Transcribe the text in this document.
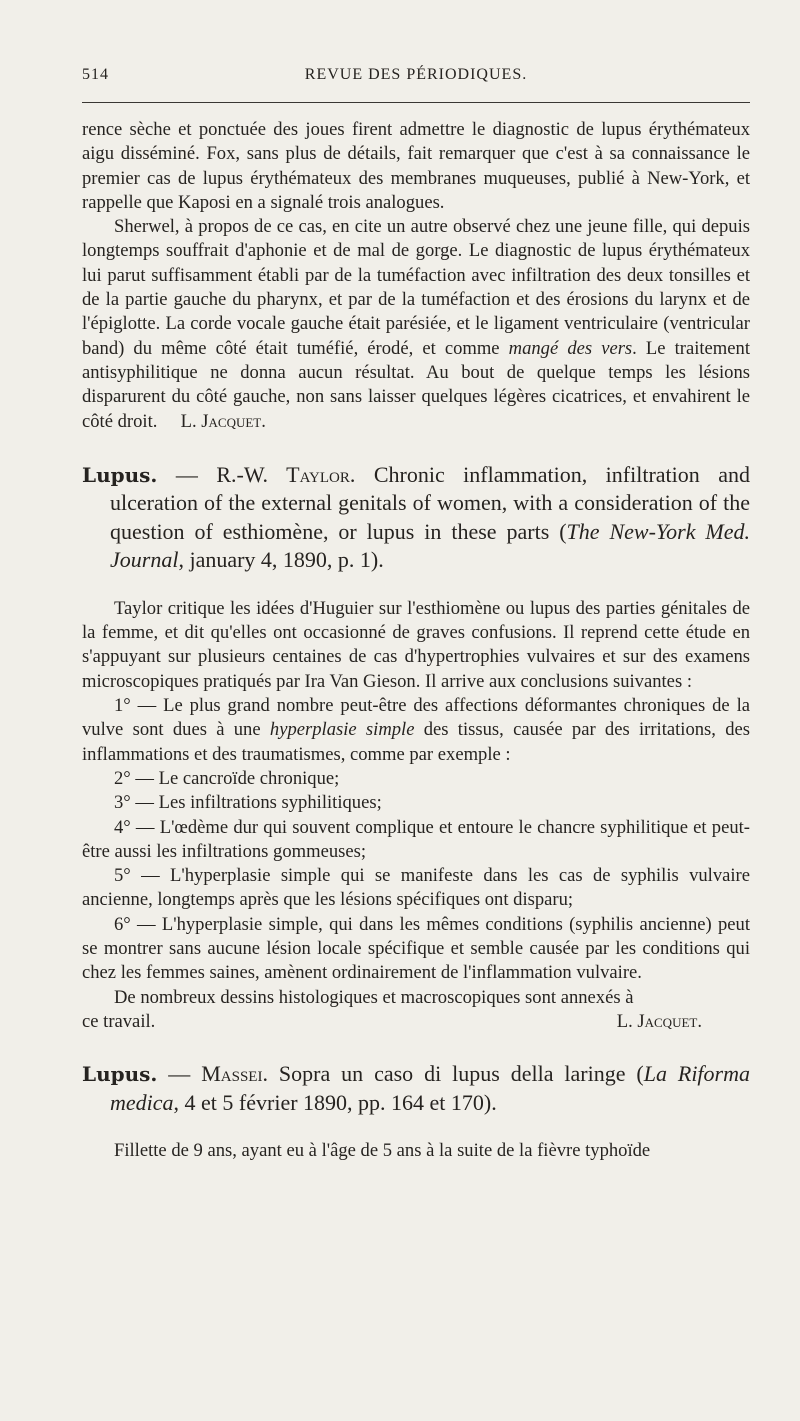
514	REVUE DES PÉRIODIQUES.

rence sèche et ponctuée des joues firent admettre le diagnostic de lupus érythémateux aigu disséminé. Fox, sans plus de détails, fait remarquer que c'est à sa connaissance le premier cas de lupus érythémateux des membranes muqueuses, publié à New-York, et rappelle que Kaposi en a signalé trois analogues.

Sherwel, à propos de ce cas, en cite un autre observé chez une jeune fille, qui depuis longtemps souffrait d'aphonie et de mal de gorge. Le diagnostic de lupus érythémateux lui parut suffisamment établi par de la tuméfaction avec infiltration des deux tonsilles et de la partie gauche du pharynx, et par de la tuméfaction et des érosions du larynx et de l'épiglotte. La corde vocale gauche était parésiée, et le ligament ventriculaire (ventricular band) du même côté était tuméfié, érodé, et comme mangé des vers. Le traitement antisyphilitique ne donna aucun résultat. Au bout de quelque temps les lésions disparurent du côté gauche, non sans laisser quelques légères cicatrices, et envahirent le côté droit. L. Jacquet.

Lupus. — R.-W. Taylor. Chronic inflammation, infiltration and ulceration of the external genitals of women, with a consideration of the question of esthiomène, or lupus in these parts (The New-York Med. Journal, january 4, 1890, p. 1).

Taylor critique les idées d'Huguier sur l'esthiomène ou lupus des parties génitales de la femme, et dit qu'elles ont occasionné de graves confusions. Il reprend cette étude en s'appuyant sur plusieurs centaines de cas d'hypertrophies vulvaires et sur des examens microscopiques pratiqués par Ira Van Gieson. Il arrive aux conclusions suivantes :

1° — Le plus grand nombre peut-être des affections déformantes chroniques de la vulve sont dues à une hyperplasie simple des tissus, causée par des irritations, des inflammations et des traumatismes, comme par exemple :

2° — Le cancroïde chronique;

3° — Les infiltrations syphilitiques;

4° — L'œdème dur qui souvent complique et entoure le chancre syphilitique et peut-être aussi les infiltrations gommeuses;

5° — L'hyperplasie simple qui se manifeste dans les cas de syphilis vulvaire ancienne, longtemps après que les lésions spécifiques ont disparu;

6° — L'hyperplasie simple, qui dans les mêmes conditions (syphilis ancienne) peut se montrer sans aucune lésion locale spécifique et semble causée par les conditions qui chez les femmes saines, amènent ordinairement de l'inflammation vulvaire.

De nombreux dessins histologiques et macroscopiques sont annexés à

ce travail.	L. Jacquet.

Lupus. — Massei. Sopra un caso di lupus della laringe (La Riforma medica, 4 et 5 février 1890, pp. 164 et 170).

Fillette de 9 ans, ayant eu à l'âge de 5 ans à la suite de la fièvre typhoïde
